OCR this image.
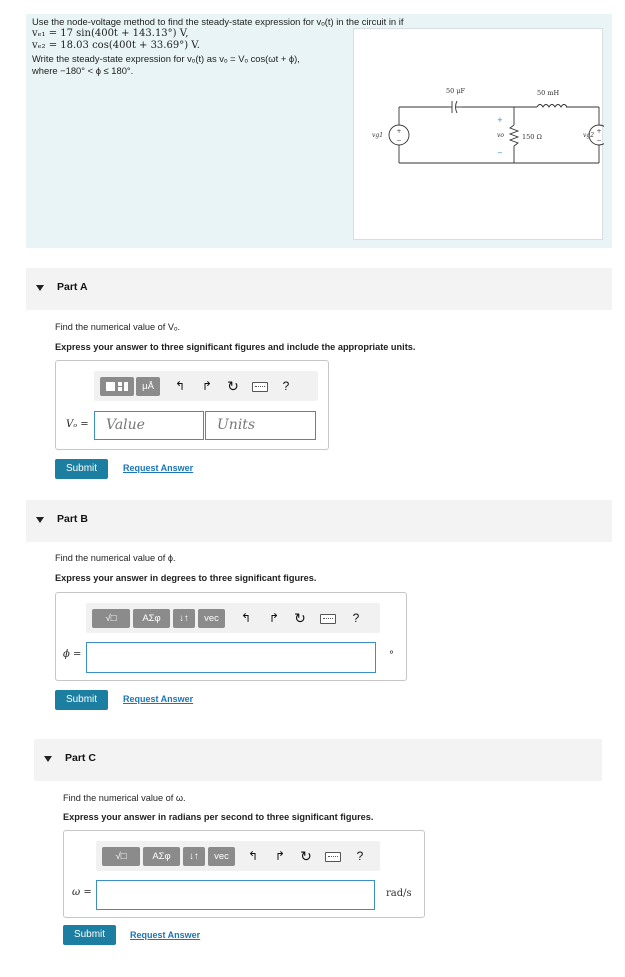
Use the node-voltage method to find the steady-state expression for vₒ(t) in the circuit in if
vₑ₁ = 17 sin(400t + 143.13°) V,
vₑ₂ = 18.03 cos(400t + 33.69°) V.
Write the steady-state expression for vₒ(t) as vₒ = Vₒ cos(ωt + ϕ),
where −180° < ϕ ≤ 180°.
50 μF	50 mH
150 Ω
vg1	vg2
vo
+
−
+
−
+
−
Part A
Find the numerical value of Vₒ.
Express your answer to three significant figures and include the appropriate units.
μÅ	↰ ↱ ↻	?
Vₒ =	Value	Units
Submit	Request Answer
Part B
Find the numerical value of ϕ.
Express your answer in degrees to three significant figures.
√□	ΑΣφ	↓↑	vec	↰ ↱ ↻	?
ϕ =	°
Submit	Request Answer
Part C
Find the numerical value of ω.
Express your answer in radians per second to three significant figures.
√□	ΑΣφ	↓↑	vec	↰ ↱ ↻	?
ω =	rad/s
Submit	Request Answer
